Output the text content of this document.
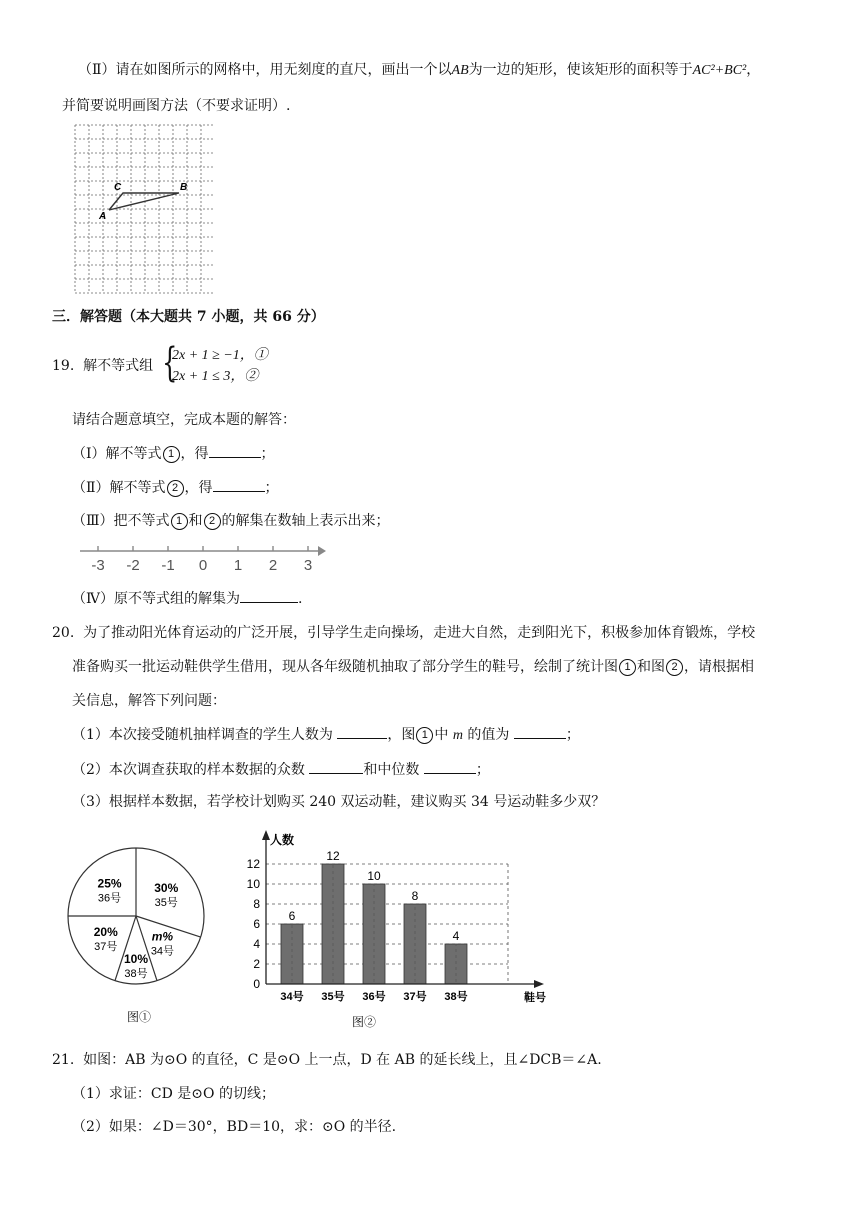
（Ⅱ）请在如图所示的网格中，用无刻度的直尺，画出一个以AB为一边的矩形，使该矩形的面积等于AC²+BC²，
并简要说明画图方法（不要求证明）.
C	B
A
三．解答题（本大题共 7 小题，共 66 分）
19. 解不等式组 {
2x + 1 ≥ −1，①
2x + 1 ≤ 3，②
请结合题意填空，完成本题的解答：
（Ⅰ）解不等式 1 ，得	；
（Ⅱ）解不等式 2 ，得	；
（Ⅲ）把不等式 1 和 2 的解集在数轴上表示出来；
-3 -2 -1 0 1 2 3
（Ⅳ）原不等式组的解集为	.
20. 为了推动阳光体育运动的广泛开展，引导学生走向操场，走进大自然，走到阳光下，积极参加体育锻炼，学校
准备购买一批运动鞋供学生借用，现从各年级随机抽取了部分学生的鞋号，绘制了统计图 1 和图 2 ，请根据相
关信息，解答下列问题：
（1）本次接受随机抽样调查的学生人数为	，图 1 中 m 的值为	；
（2）本次调查获取的样本数据的众数	和中位数	；
（3）根据样本数据，若学校计划购买 240 双运动鞋，建议购买 34 号运动鞋多少双？
25%
36号
30%
35号
m%
34号
10%
38号
20%
37号
图①
6
12
10
8
4
人数
鞋号
0
2
4
6
8
10
12
34号 35号 36号 37号 38号
图②
21. 如图：AB 为⊙O 的直径，C 是⊙O 上一点，D 在 AB 的延长线上，且∠DCB＝∠A.
（1）求证：CD 是⊙O 的切线；
（2）如果：∠D＝30°，BD＝10，求：⊙O 的半径.
